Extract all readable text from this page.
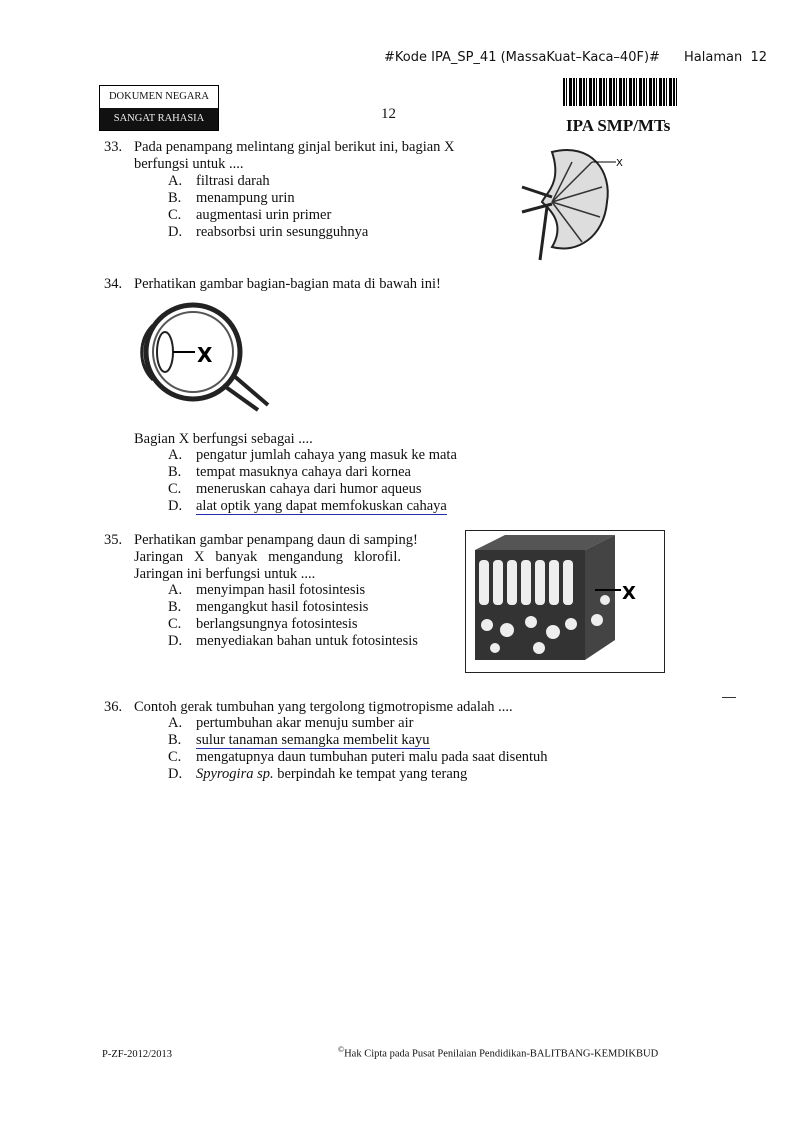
#Kode IPA_SP_41 (MassaKuat–Kaca–40F)# Halaman 12
DOKUMEN NEGARA
SANGAT RAHASIA	12
IPA SMP/MTs
33. Pada penampang melintang ginjal berikut ini, bagian X
berfungsi untuk ....
A. filtrasi darah
B. menampung urin
C. augmentasi urin primer
D. reabsorbsi urin sesungguhnya
X
34. Perhatikan gambar bagian-bagian mata di bawah ini!
X
Bagian X berfungsi sebagai ....
A. pengatur jumlah cahaya yang masuk ke mata
B. tempat masuknya cahaya dari kornea
C. meneruskan cahaya dari humor aqueus
D. alat optik yang dapat memfokuskan cahaya
35. Perhatikan gambar penampang daun di samping!
Jaringan   X   banyak   mengandung   klorofil.
Jaringan ini berfungsi untuk ....
A. menyimpan hasil fotosintesis
B. mengangkut hasil fotosintesis
C. berlangsungnya fotosintesis
D. menyediakan bahan untuk fotosintesis
X
36. Contoh gerak tumbuhan yang tergolong tigmotropisme adalah ....
A. pertumbuhan akar menuju sumber air
B. sulur tanaman semangka membelit kayu
C. mengatupnya daun tumbuhan puteri malu pada saat disentuh
D. Spyrogira sp. berpindah ke tempat yang terang
P-ZF-2012/2013	©Hak Cipta pada Pusat Penilaian Pendidikan-BALITBANG-KEMDIKBUD
